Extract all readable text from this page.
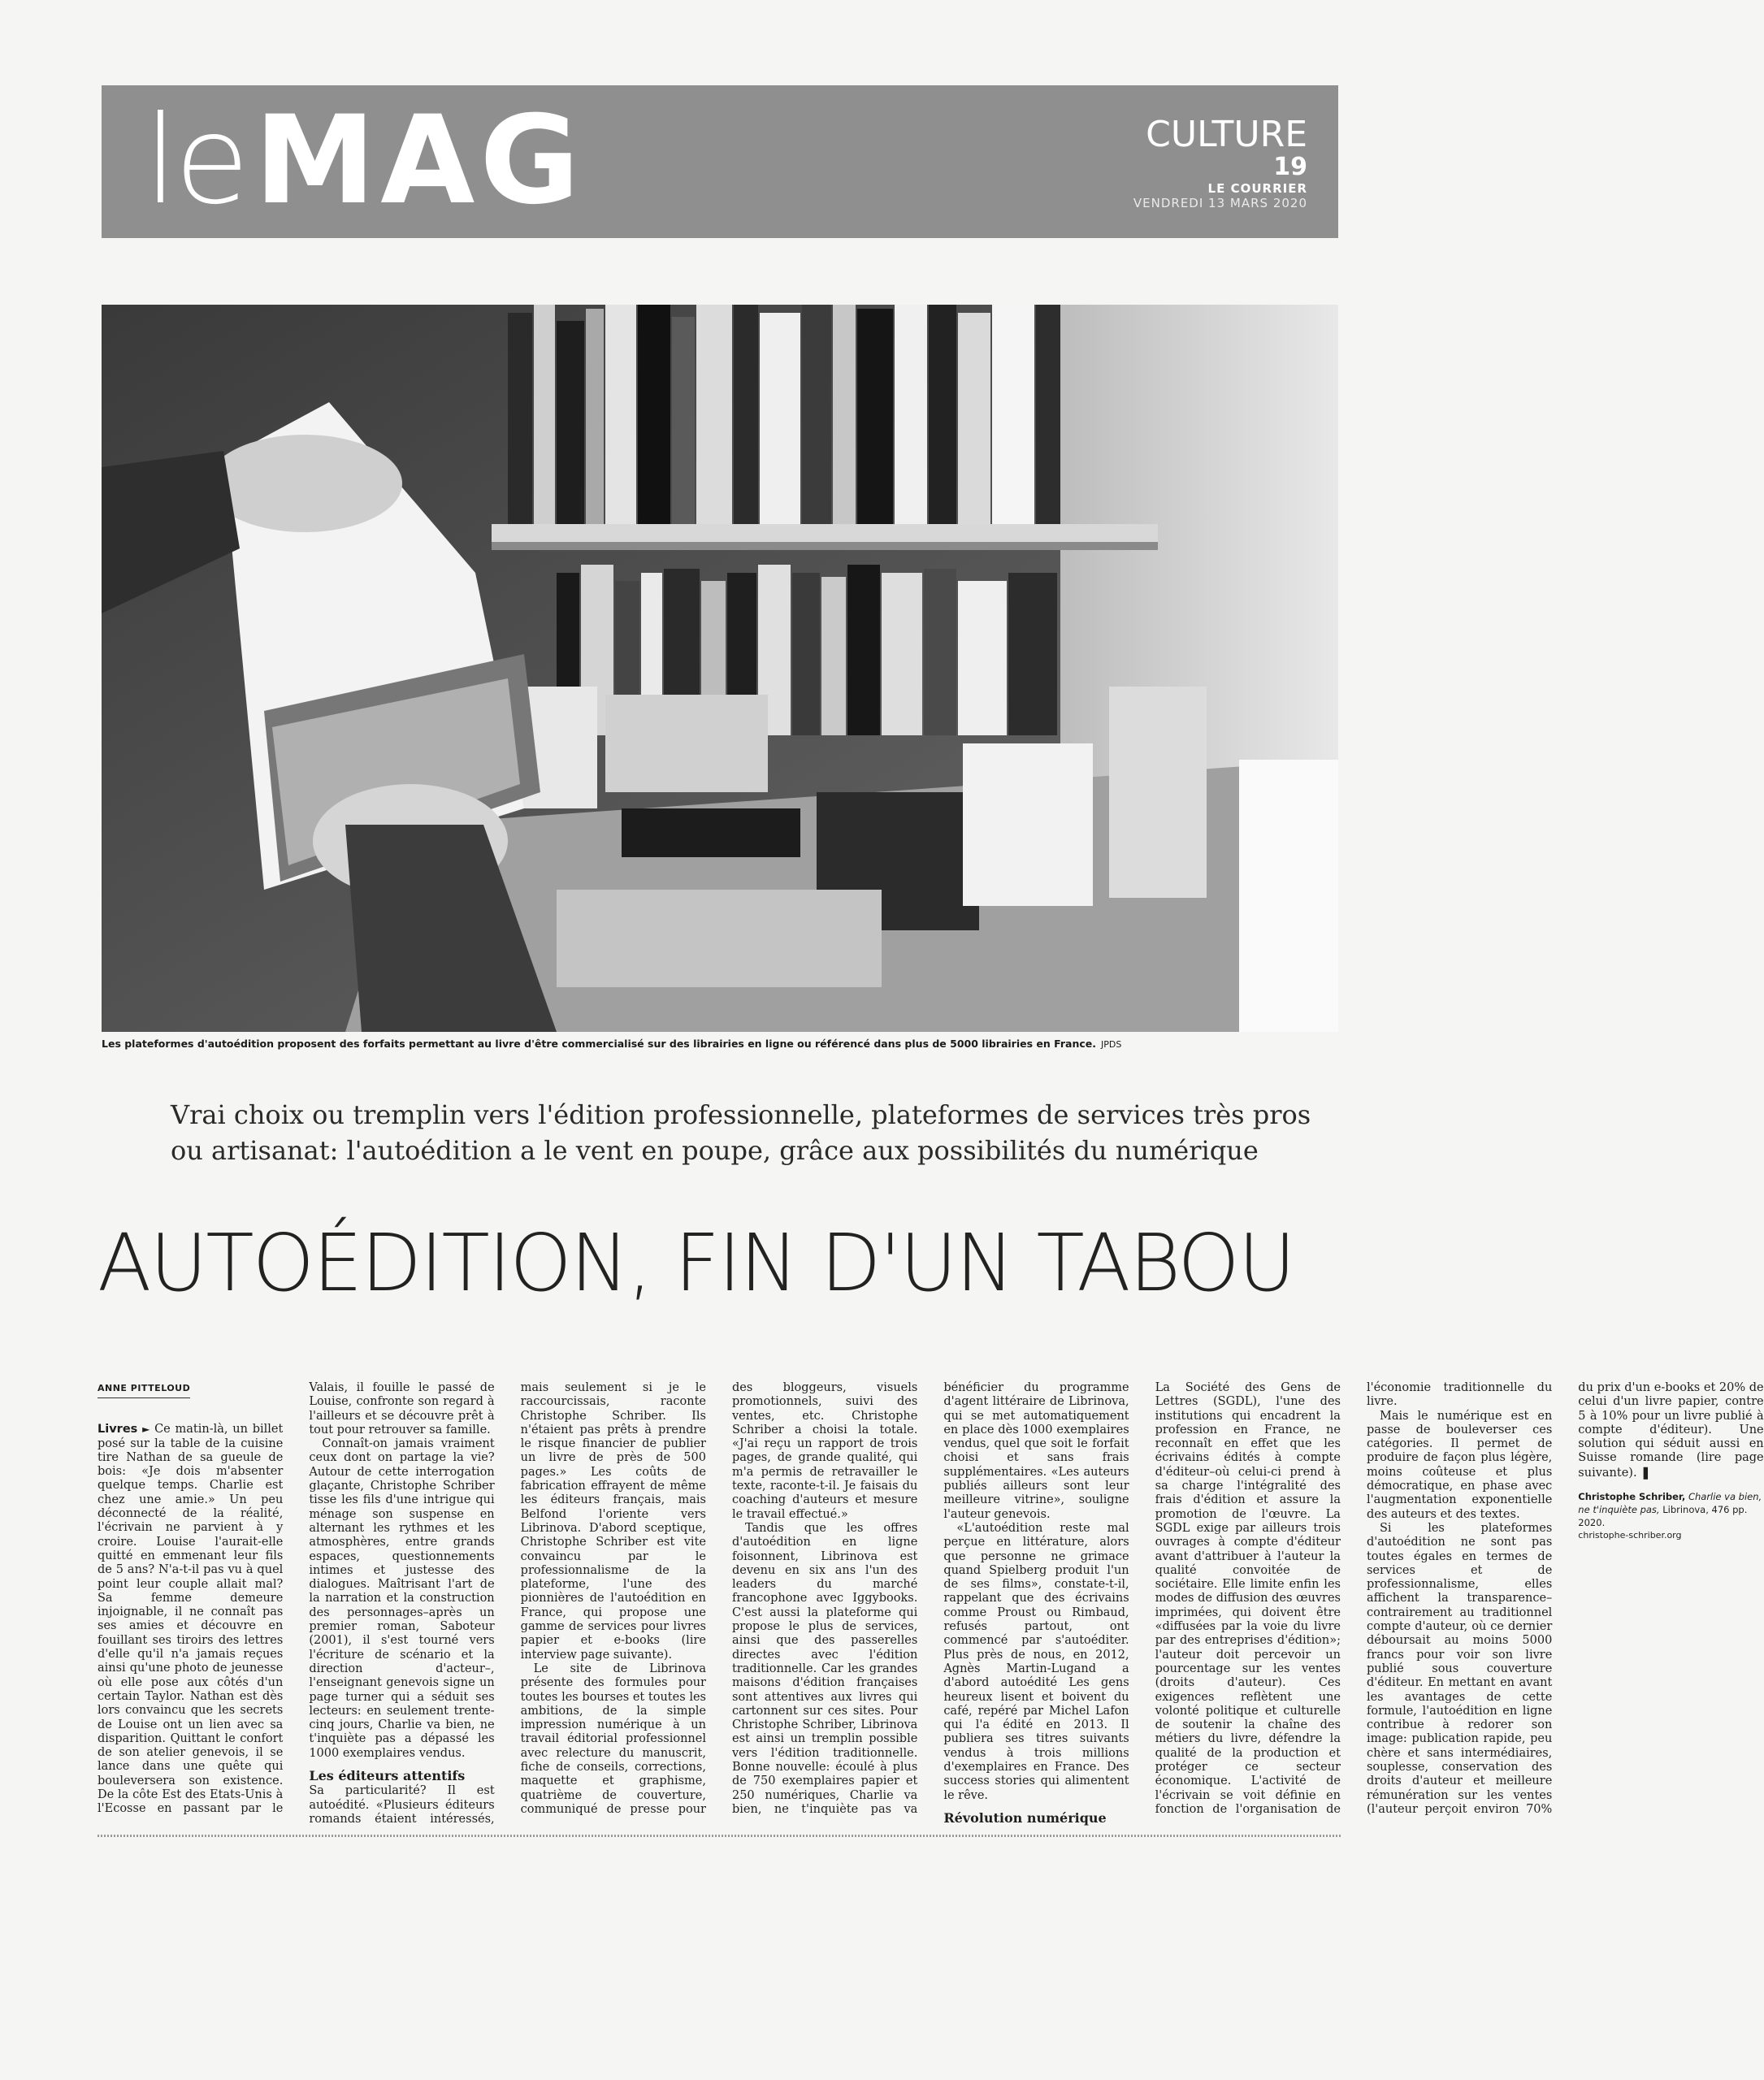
leMAG	CULTURE
19
LE COURRIER
VENDREDI 13 MARS 2020
Les plateformes d'autoédition proposent des forfaits permettant au livre d'être commercialisé sur des librairies en ligne ou référencé dans plus de 5000 librairies en France. JPDS
Vrai choix ou tremplin vers l'édition professionnelle, plateformes de services très pros ou artisanat: l'autoédition a le vent en poupe, grâce aux possibilités du numérique
AUTOÉDITION, FIN D'UN TABOU
ANNE PITTELOUD

Livres ► Ce matin-là, un billet posé sur la table de la cuisine tire Nathan de sa gueule de bois: «Je dois m'absenter quelque temps. Charlie est chez une amie.» Un peu déconnecté de la réalité, l'écrivain ne parvient à y croire. Louise l'aurait-elle quitté en emmenant leur fils de 5 ans? N'a-t-il pas vu à quel point leur couple allait mal? Sa femme demeure injoignable, il ne connaît pas ses amies et découvre en fouillant ses tiroirs des lettres d'elle qu'il n'a jamais reçues ainsi qu'une photo de jeunesse où elle pose aux côtés d'un certain Taylor. Nathan est dès lors convaincu que les secrets de Louise ont un lien avec sa disparition. Quittant le confort de son atelier genevois, il se lance dans une quête qui bouleversera son existence. De la côte Est des Etats-Unis à l'Ecosse en passant par le Valais, il fouille le passé de Louise, confronte son regard à l'ailleurs et se découvre prêt à tout pour retrouver sa famille.

Connaît-on jamais vraiment ceux dont on partage la vie? Autour de cette interrogation glaçante, Christophe Schriber tisse les fils d'une intrigue qui ménage son suspense en alternant les rythmes et les atmosphères, entre grands espaces, questionnements intimes et justesse des dialogues. Maîtrisant l'art de la narration et la construction des personnages–après un premier roman, Saboteur (2001), il s'est tourné vers l'écriture de scénario et la direction d'acteur–, l'enseignant genevois signe un page turner qui a séduit ses lecteurs: en seulement trente-cinq jours, Charlie va bien, ne t'inquiète pas a dépassé les 1000 exemplaires vendus.

Les éditeurs attentifs

Sa particularité? Il est autoédité. «Plusieurs éditeurs romands étaient intéressés, mais seulement si je le raccourcissais, raconte Christophe Schriber. Ils n'étaient pas prêts à prendre le risque financier de publier un livre de près de 500 pages.» Les coûts de fabrication effrayent de même les éditeurs français, mais Belfond l'oriente vers Librinova. D'abord sceptique, Christophe Schriber est vite convaincu par le professionnalisme de la plateforme, l'une des pionnières de l'autoédition en France, qui propose une gamme de services pour livres papier et e-books (lire interview page suivante).

Le site de Librinova présente des formules pour toutes les bourses et toutes les ambitions, de la simple impression numérique à un travail éditorial professionnel avec relecture du manuscrit, fiche de conseils, corrections, maquette et graphisme, quatrième de couverture, communiqué de presse pour des bloggeurs, visuels promotionnels, suivi des ventes, etc. Christophe Schriber a choisi la totale. «J'ai reçu un rapport de trois pages, de grande qualité, qui m'a permis de retravailler le texte, raconte-t-il. Je faisais du coaching d'auteurs et mesure le travail effectué.»

Tandis que les offres d'autoédition en ligne foisonnent, Librinova est devenu en six ans l'un des leaders du marché francophone avec Iggybooks. C'est aussi la plateforme qui propose le plus de services, ainsi que des passerelles directes avec l'édition traditionnelle. Car les grandes maisons d'édition françaises sont attentives aux livres qui cartonnent sur ces sites. Pour Christophe Schriber, Librinova est ainsi un tremplin possible vers l'édition traditionnelle. Bonne nouvelle: écoulé à plus de 750 exemplaires papier et 250 numériques, Charlie va bien, ne t'inquiète pas va bénéficier du programme d'agent littéraire de Librinova, qui se met automatiquement en place dès 1000 exemplaires vendus, quel que soit le forfait choisi et sans frais supplémentaires. «Les auteurs publiés ailleurs sont leur meilleure vitrine», souligne l'auteur genevois.

«L'autoédition reste mal perçue en littérature, alors que personne ne grimace quand Spielberg produit l'un de ses films», constate-t-il, rappelant que des écrivains comme Proust ou Rimbaud, refusés partout, ont commencé par s'autoéditer. Plus près de nous, en 2012, Agnès Martin-Lugand a d'abord autoédité Les gens heureux lisent et boivent du café, repéré par Michel Lafon qui l'a édité en 2013. Il publiera ses titres suivants vendus à trois millions d'exemplaires en France. Des success stories qui alimentent le rêve.

Révolution numérique

La Société des Gens de Lettres (SGDL), l'une des institutions qui encadrent la profession en France, ne reconnaît en effet que les écrivains édités à compte d'éditeur–où celui-ci prend à sa charge l'intégralité des frais d'édition et assure la promotion de l'œuvre. La SGDL exige par ailleurs trois ouvrages à compte d'éditeur avant d'attribuer à l'auteur la qualité convoitée de sociétaire. Elle limite enfin les modes de diffusion des œuvres imprimées, qui doivent être «diffusées par la voie du livre par des entreprises d'édition»; l'auteur doit percevoir un pourcentage sur les ventes (droits d'auteur). Ces exigences reflètent une volonté politique et culturelle de soutenir la chaîne des métiers du livre, défendre la qualité de la production et protéger ce secteur économique. L'activité de l'écrivain se voit définie en fonction de l'organisation de l'économie traditionnelle du livre.

Mais le numérique est en passe de bouleverser ces catégories. Il permet de produire de façon plus légère, moins coûteuse et plus démocratique, en phase avec l'augmentation exponentielle des auteurs et des textes.

Si les plateformes d'autoédition ne sont pas toutes égales en termes de services et de professionnalisme, elles affichent la transparence–contrairement au traditionnel compte d'auteur, où ce dernier déboursait au moins 5000 francs pour voir son livre publié sous couverture d'éditeur. En mettant en avant les avantages de cette formule, l'autoédition en ligne contribue à redorer son image: publication rapide, peu chère et sans intermédiaires, souplesse, conservation des droits d'auteur et meilleure rémunération sur les ventes (l'auteur perçoit environ 70% du prix d'un e-books et 20% de celui d'un livre papier, contre 5 à 10% pour un livre publié à compte d'éditeur). Une solution qui séduit aussi en Suisse romande (lire page suivante). ❚

Christophe Schriber, Charlie va bien, ne t'inquiète pas, Librinova, 476 pp. 2020.
christophe-schriber.org
